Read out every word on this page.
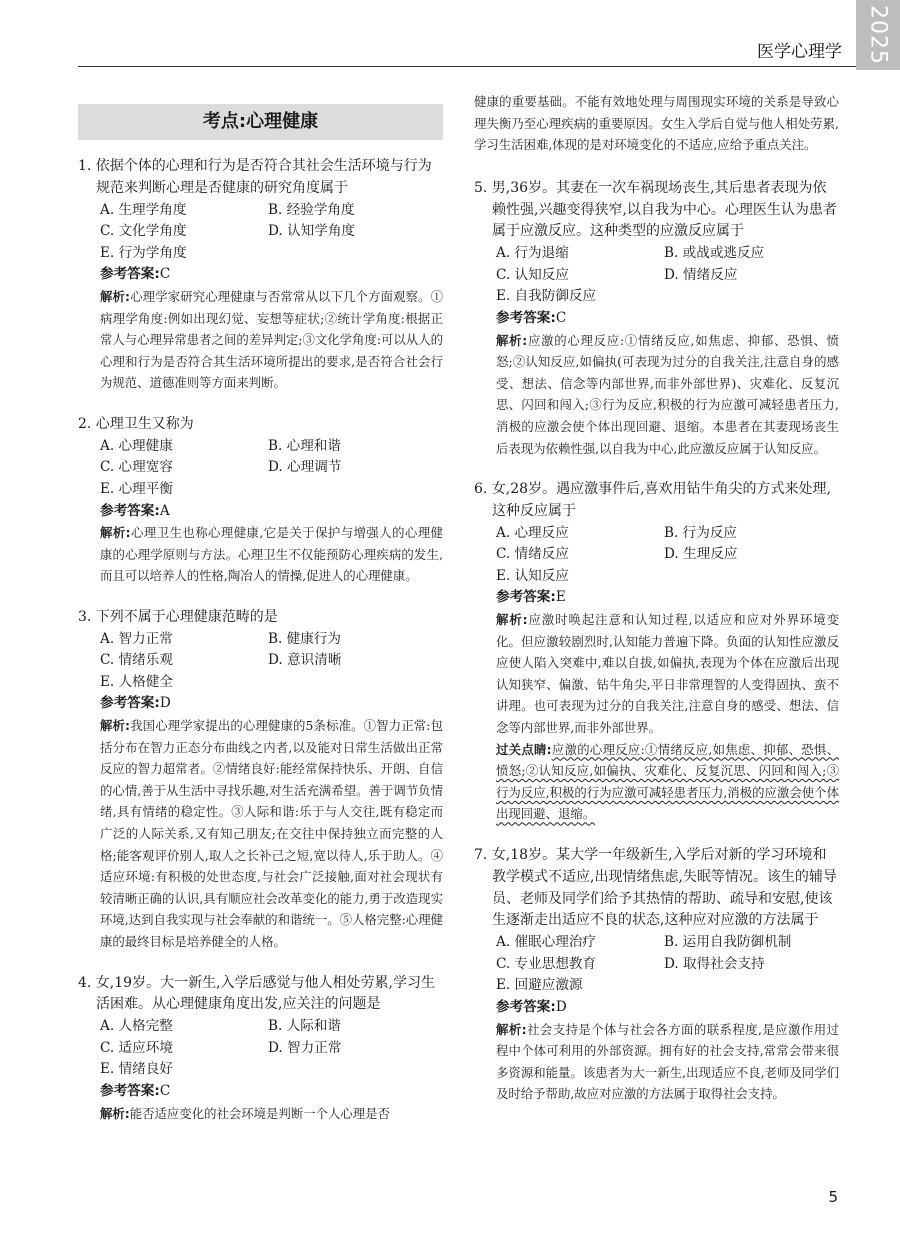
2025
医学心理学
考点:心理健康
1. 依据个体的心理和行为是否符合其社会生活环境与行为规范来判断心理是否健康的研究角度属于
A. 生理学角度	B. 经验学角度
C. 文化学角度	D. 认知学角度
E. 行为学角度
参考答案:C
解析:心理学家研究心理健康与否常常从以下几个方面观察。①病理学角度:例如出现幻觉、妄想等症状;②统计学角度:根据正常人与心理异常患者之间的差异判定;③文化学角度:可以从人的心理和行为是否符合其生活环境所提出的要求,是否符合社会行为规范、道德准则等方面来判断。
2. 心理卫生又称为
A. 心理健康	B. 心理和谐
C. 心理宽容	D. 心理调节
E. 心理平衡
参考答案:A
解析:心理卫生也称心理健康,它是关于保护与增强人的心理健康的心理学原则与方法。心理卫生不仅能预防心理疾病的发生,而且可以培养人的性格,陶冶人的情操,促进人的心理健康。
3. 下列不属于心理健康范畴的是
A. 智力正常	B. 健康行为
C. 情绪乐观	D. 意识清晰
E. 人格健全
参考答案:D
解析:我国心理学家提出的心理健康的5条标准。①智力正常:包括分布在智力正态分布曲线之内者,以及能对日常生活做出正常反应的智力超常者。②情绪良好:能经常保持快乐、开朗、自信的心情,善于从生活中寻找乐趣,对生活充满希望。善于调节负情绪,具有情绪的稳定性。③人际和谐:乐于与人交往,既有稳定而广泛的人际关系,又有知己朋友;在交往中保持独立而完整的人格;能客观评价别人,取人之长补己之短,宽以待人,乐于助人。④适应环境:有积极的处世态度,与社会广泛接触,面对社会现状有较清晰正确的认识,具有顺应社会改革变化的能力,勇于改造现实环境,达到自我实现与社会奉献的和谐统一。⑤人格完整:心理健康的最终目标是培养健全的人格。
4. 女,19岁。大一新生,入学后感觉与他人相处劳累,学习生活困难。从心理健康角度出发,应关注的问题是
A. 人格完整	B. 人际和谐
C. 适应环境	D. 智力正常
E. 情绪良好
参考答案:C
解析:能否适应变化的社会环境是判断一个人心理是否
健康的重要基础。不能有效地处理与周围现实环境的关系是导致心理失衡乃至心理疾病的重要原因。女生入学后自觉与他人相处劳累,学习生活困难,体现的是对环境变化的不适应,应给予重点关注。
5. 男,36岁。其妻在一次车祸现场丧生,其后患者表现为依赖性强,兴趣变得狭窄,以自我为中心。心理医生认为患者属于应激反应。这种类型的应激反应属于
A. 行为退缩	B. 或战或逃反应
C. 认知反应	D. 情绪反应
E. 自我防御反应
参考答案:C
解析:应激的心理反应:①情绪反应,如焦虑、抑郁、恐惧、愤怒;②认知反应,如偏执(可表现为过分的自我关注,注意自身的感受、想法、信念等内部世界,而非外部世界)、灾难化、反复沉思、闪回和闯入;③行为反应,积极的行为应激可减轻患者压力,消极的应激会使个体出现回避、退缩。本患者在其妻现场丧生后表现为依赖性强,以自我为中心,此应激反应属于认知反应。
6. 女,28岁。遇应激事件后,喜欢用钻牛角尖的方式来处理,这种反应属于
A. 心理反应	B. 行为反应
C. 情绪反应	D. 生理反应
E. 认知反应
参考答案:E
解析:应激时唤起注意和认知过程,以适应和应对外界环境变化。但应激较剧烈时,认知能力普遍下降。负面的认知性应激反应使人陷入突难中,难以自拔,如偏执,表现为个体在应激后出现认知狭窄、偏激、钻牛角尖,平日非常理智的人变得固执、蛮不讲理。也可表现为过分的自我关注,注意自身的感受、想法、信念等内部世界,而非外部世界。
过关点睛:应激的心理反应:①情绪反应,如焦虑、抑郁、恐惧、愤怒;②认知反应,如偏执、灾难化、反复沉思、闪回和闯入;③行为反应,积极的行为应激可减轻患者压力,消极的应激会使个体出现回避、退缩。
7. 女,18岁。某大学一年级新生,入学后对新的学习环境和教学模式不适应,出现情绪焦虑,失眠等情况。该生的辅导员、老师及同学们给予其热情的帮助、疏导和安慰,使该生逐渐走出适应不良的状态,这种应对应激的方法属于
A. 催眠心理治疗	B. 运用自我防御机制
C. 专业思想教育	D. 取得社会支持
E. 回避应激源
参考答案:D
解析:社会支持是个体与社会各方面的联系程度,是应激作用过程中个体可利用的外部资源。拥有好的社会支持,常常会带来很多资源和能量。该患者为大一新生,出现适应不良,老师及同学们及时给予帮助,故应对应激的方法属于取得社会支持。
5
